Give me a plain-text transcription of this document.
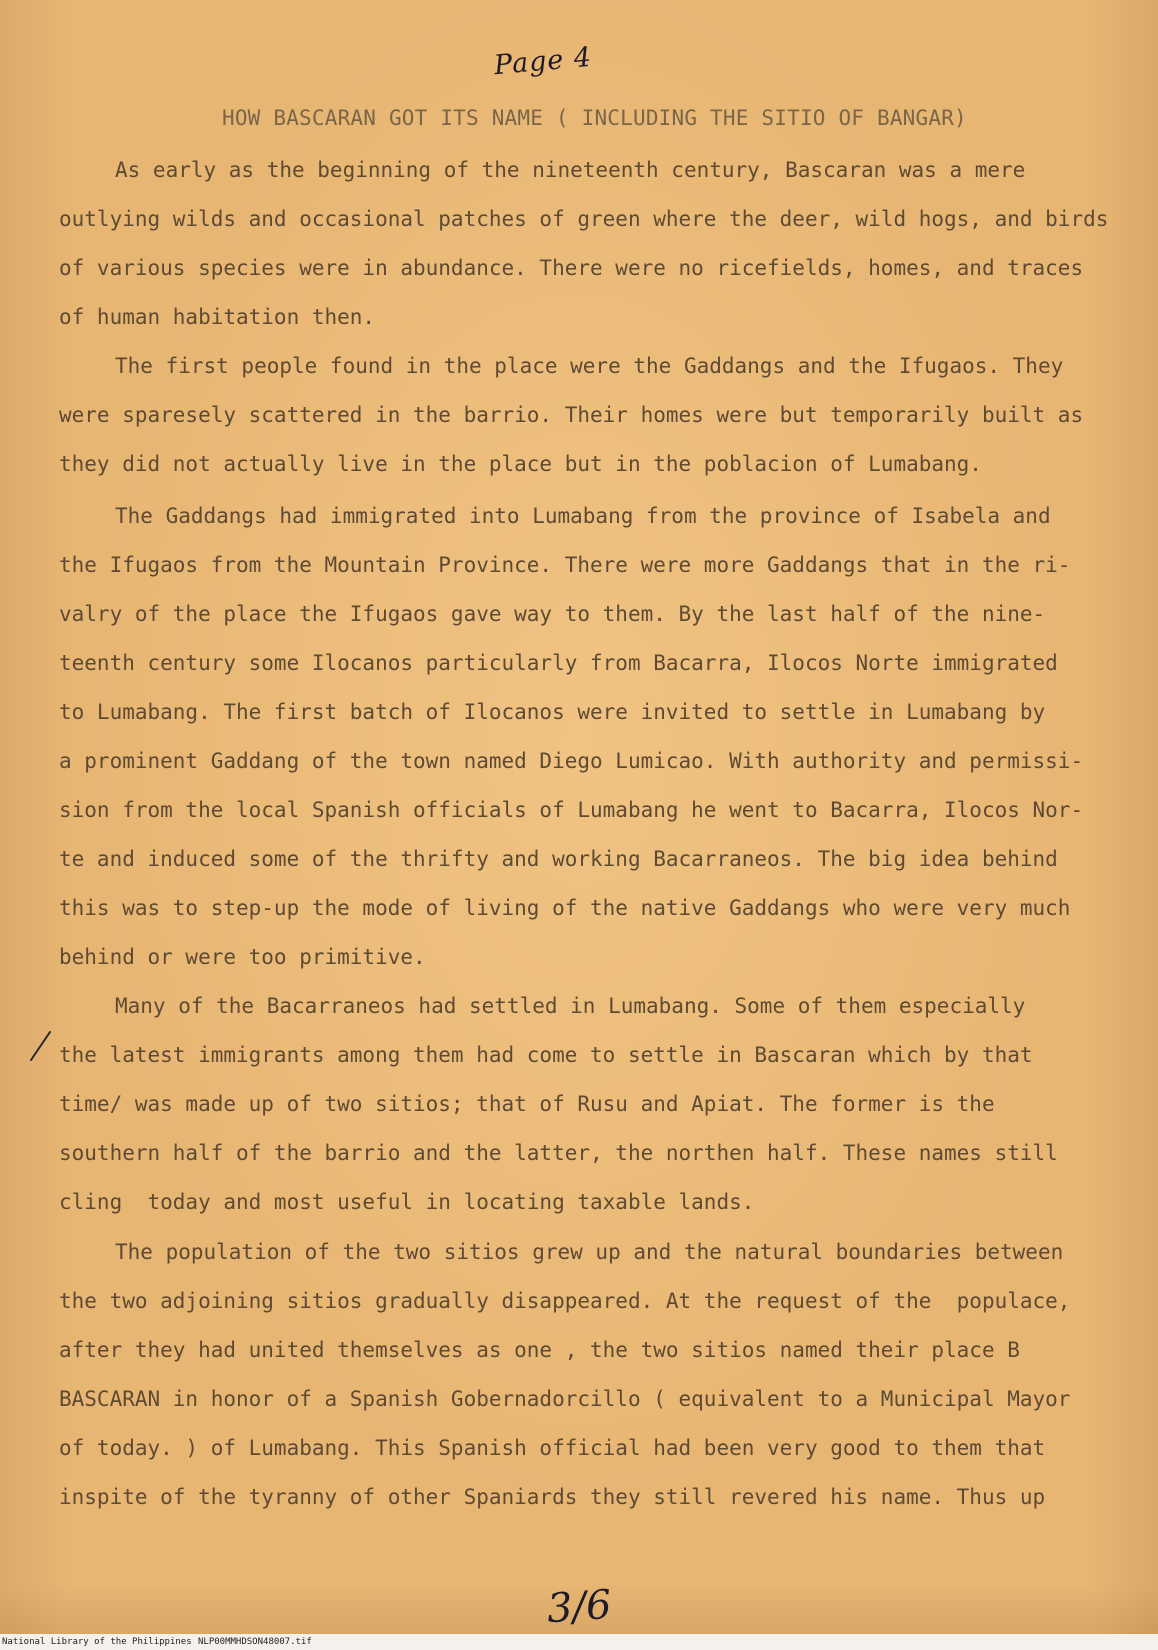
Page 4
HOW BASCARAN GOT ITS NAME ( INCLUDING THE SITIO OF BANGAR)
As early as the beginning of the nineteenth century, Bascaran was a mere
outlying wilds and occasional patches of green where the deer, wild hogs, and birds
of various species were in abundance. There were no ricefields, homes, and traces
of human habitation then.
The first people found in the place were the Gaddangs and the Ifugaos. They
were sparesely scattered in the barrio. Their homes were but temporarily built as
they did not actually live in the place but in the poblacion of Lumabang.
The Gaddangs had immigrated into Lumabang from the province of Isabela and
the Ifugaos from the Mountain Province. There were more Gaddangs that in the ri-
valry of the place the Ifugaos gave way to them. By the last half of the nine-
teenth century some Ilocanos particularly from Bacarra, Ilocos Norte immigrated
to Lumabang. The first batch of Ilocanos were invited to settle in Lumabang by
a prominent Gaddang of the town named Diego Lumicao. With authority and permissi-
sion from the local Spanish officials of Lumabang he went to Bacarra, Ilocos Nor-
te and induced some of the thrifty and working Bacarraneos. The big idea behind
this was to step-up the mode of living of the native Gaddangs who were very much
behind or were too primitive.
Many of the Bacarraneos had settled in Lumabang. Some of them especially
the latest immigrants among them had come to settle in Bascaran which by that
time/ was made up of two sitios; that of Rusu and Apiat. The former is the
southern half of the barrio and the latter, the northen half. These names still
cling  today and most useful in locating taxable lands.
The population of the two sitios grew up and the natural boundaries between
the two adjoining sitios gradually disappeared. At the request of the  populace,
after they had united themselves as one , the two sitios named their place B
BASCARAN in honor of a Spanish Gobernadorcillo ( equivalent to a Municipal Mayor
of today. ) of Lumabang. This Spanish official had been very good to them that
inspite of the tyranny of other Spaniards they still revered his name. Thus up
3/6
National Library of the Philippines NLP00MMHDSON48007.tif
